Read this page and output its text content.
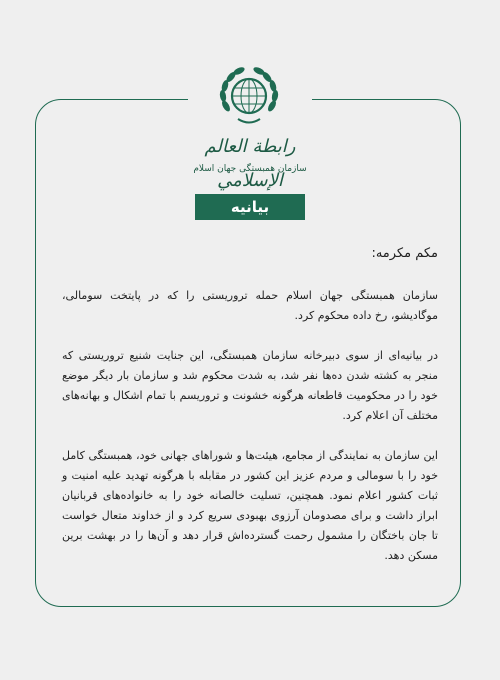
رابطة العالم الإسلامي
سازمان همبستگی جهان اسلام
بیانیه
مکم مکرمه:

سازمان همبستگی جهان اسلام حمله تروریستی را که در پایتخت سومالی، موگادیشو، رخ داده محکوم کرد.

در بیانیه‌ای از سوی دبیرخانه سازمان همبستگی، این جنایت شنیع تروریستی که منجر به کشته شدن ده‌ها نفر شد، به شدت محکوم شد و سازمان بار دیگر موضع خود را در محکومیت قاطعانه هرگونه خشونت و تروریسم با تمام اشکال و بهانه‌های مختلف آن اعلام کرد.

این سازمان به نمایندگی از مجامع، هیئت‌ها و شوراهای جهانی خود، همبستگی کامل خود را با سومالی و مردم عزیز این کشور در مقابله با هرگونه تهدید علیه امنیت و ثبات کشور اعلام نمود. همچنین، تسلیت خالصانه خود را به خانواده‌های قربانیان ابراز داشت و برای مصدومان آرزوی بهبودی سریع کرد و از خداوند متعال خواست تا جان باختگان را مشمول رحمت گسترده‌اش قرار دهد و آن‌ها را در بهشت برین مسکن دهد.
